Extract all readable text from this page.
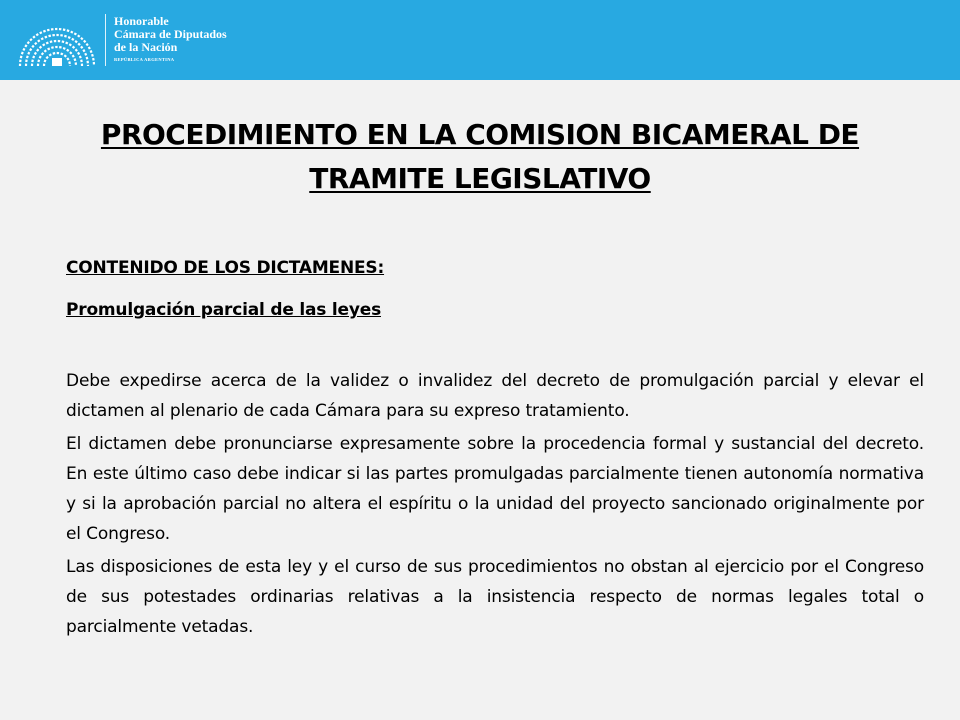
Honorable
Cámara de Diputados
de la Nación
REPÚBLICA ARGENTINA
PROCEDIMIENTO EN LA COMISION BICAMERAL DE
TRAMITE LEGISLATIVO

CONTENIDO DE LOS DICTAMENES:

Promulgación parcial de las leyes

Debe expedirse acerca de la validez o invalidez del decreto de promulgación parcial y elevar el dictamen al plenario de cada Cámara para su expreso tratamiento.

El dictamen debe pronunciarse expresamente sobre la procedencia formal y sustancial del decreto. En este último caso debe indicar si las partes promulgadas parcialmente tienen autonomía normativa y si la aprobación parcial no altera el espíritu o la unidad del proyecto sancionado originalmente por el Congreso.

Las disposiciones de esta ley y el curso de sus procedimientos no obstan al ejercicio por el Congreso de sus potestades ordinarias relativas a la insistencia respecto de normas legales total o parcialmente vetadas.
